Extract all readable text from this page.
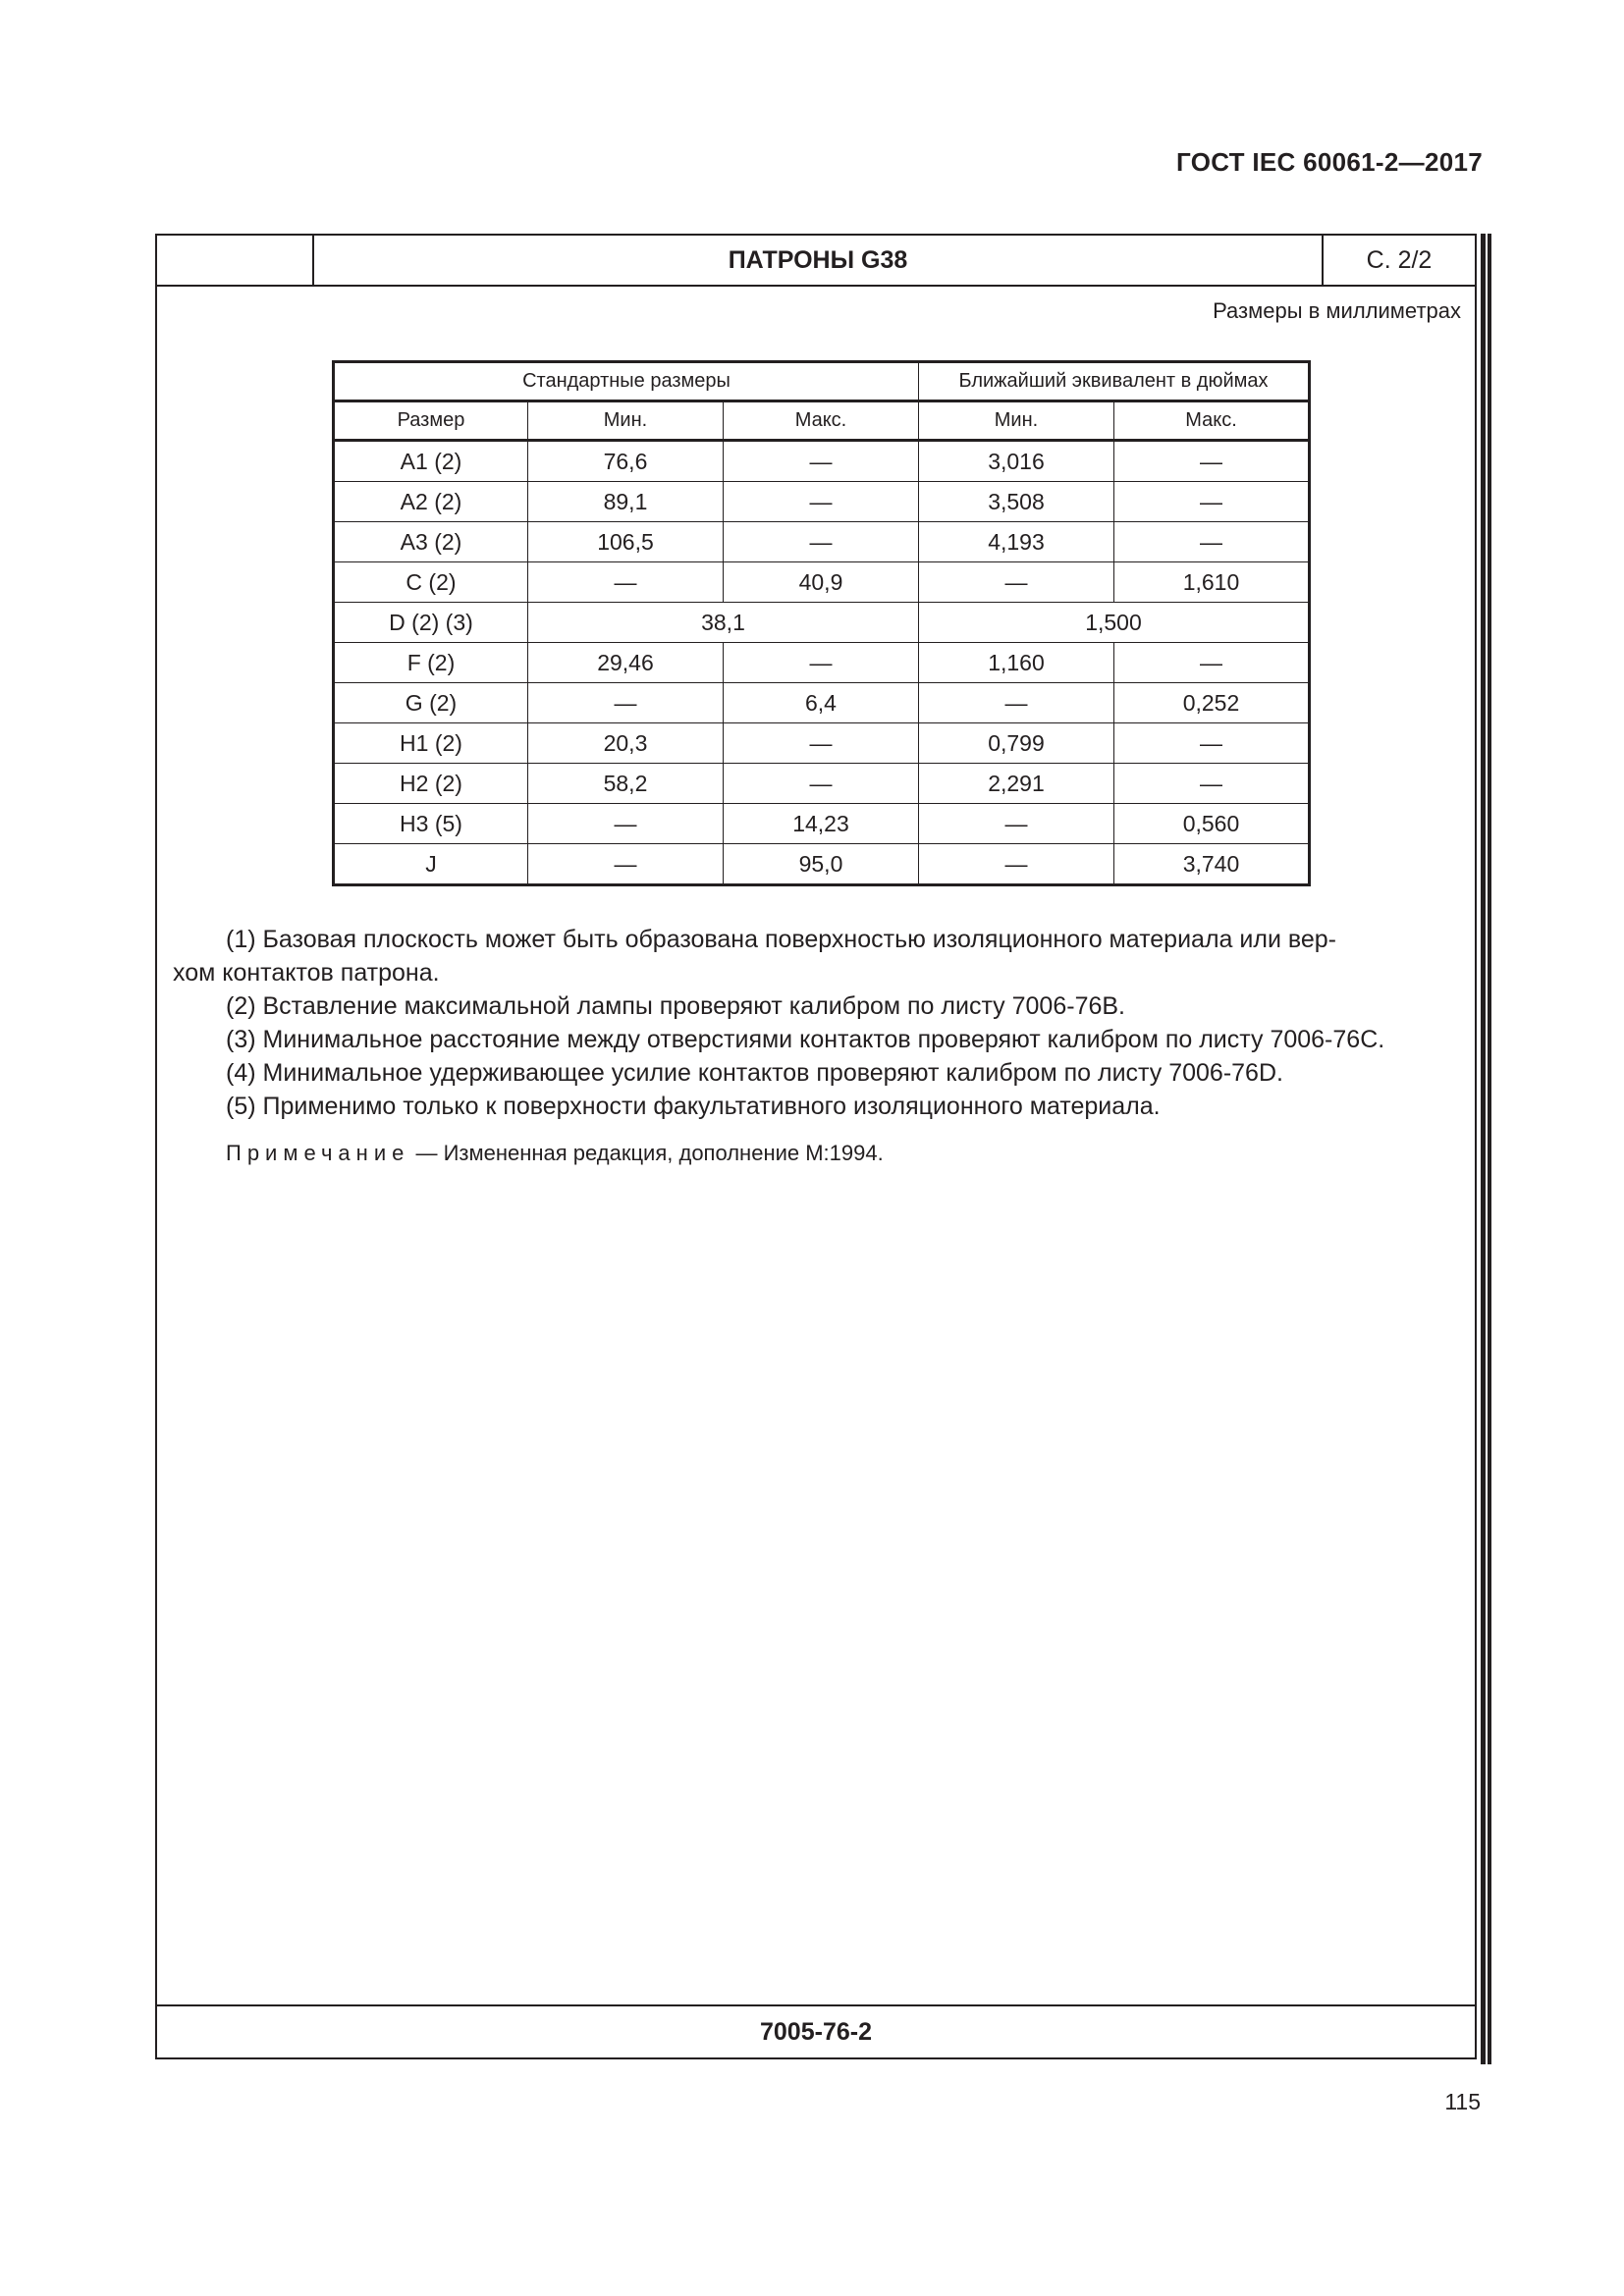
ГОСТ IEC 60061-2—2017
ПАТРОНЫ G38	С. 2/2
Размеры в миллиметрах
Стандартные размеры			Ближайший эквивалент в дюймах	
Размер	Мин.	Макс.	Мин.	Макс.
A1 (2)	76,6	—	3,016	—
A2 (2)	89,1	—	3,508	—
A3 (2)	106,5	—	4,193	—
C (2)	—	40,9	—	1,610
D (2) (3)	38,1		1,500	
F (2)	29,46	—	1,160	—
G (2)	—	6,4	—	0,252
H1 (2)	20,3	—	0,799	—
H2 (2)	58,2	—	2,291	—
H3 (5)	—	14,23	—	0,560
J	—	95,0	—	3,740
(1) Базовая плоскость может быть образована поверхностью изоляционного материала или вер-
хом контактов патрона.
(2) Вставление максимальной лампы проверяют калибром по листу 7006-76B.
(3) Минимальное расстояние между отверстиями контактов проверяют калибром по листу 7006-76C.
(4) Минимальное удерживающее усилие контактов проверяют калибром по листу 7006-76D.
(5) Применимо только к поверхности факультативного изоляционного материала.
Примечание — Измененная редакция, дополнение М:1994.
7005-76-2
115
